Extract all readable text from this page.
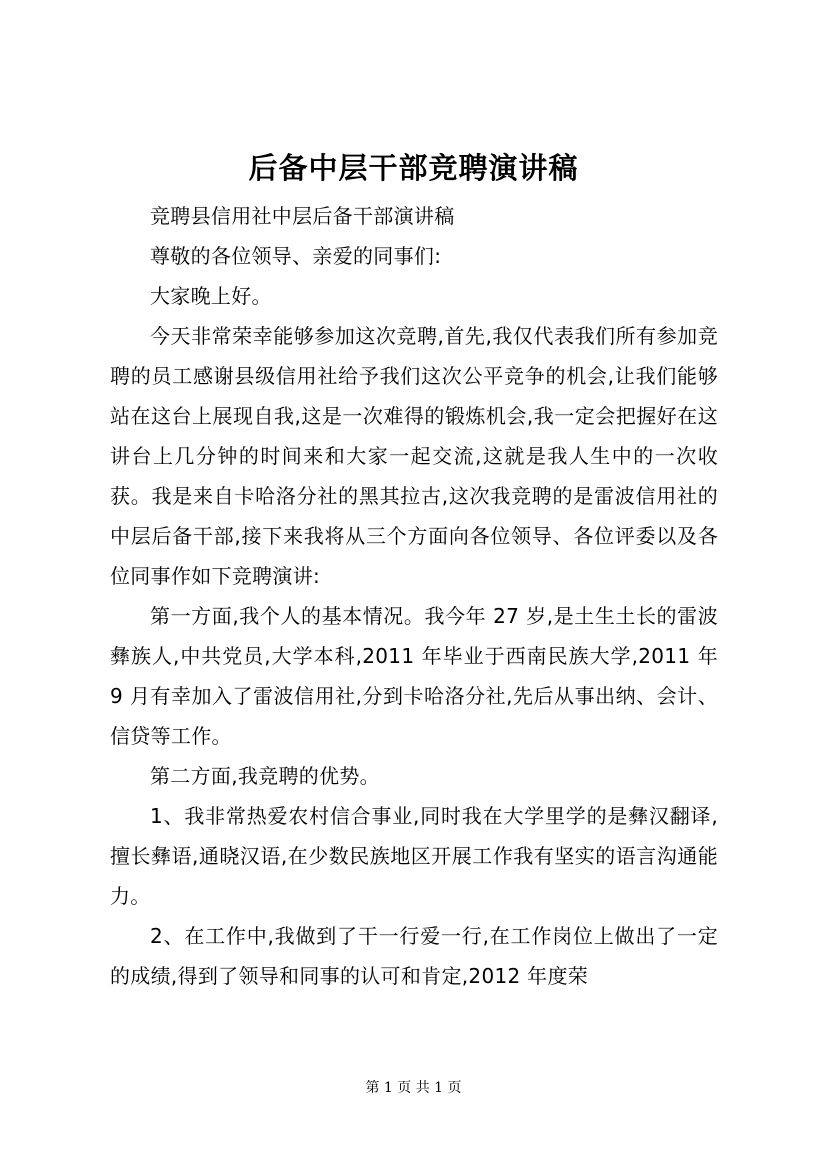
后备中层干部竞聘演讲稿

竞聘县信用社中层后备干部演讲稿

尊敬的各位领导、亲爱的同事们:

大家晚上好。

今天非常荣幸能够参加这次竞聘,首先,我仅代表我们所有参加竞聘的员工感谢县级信用社给予我们这次公平竞争的机会,让我们能够站在这台上展现自我,这是一次难得的锻炼机会,我一定会把握好在这讲台上几分钟的时间来和大家一起交流,这就是我人生中的一次收获。我是来自卡哈洛分社的黑其拉古,这次我竞聘的是雷波信用社的中层后备干部,接下来我将从三个方面向各位领导、各位评委以及各位同事作如下竞聘演讲:

第一方面,我个人的基本情况。我今年 27 岁,是土生土长的雷波彝族人,中共党员,大学本科,2011 年毕业于西南民族大学,2011 年 9 月有幸加入了雷波信用社,分到卡哈洛分社,先后从事出纳、会计、信贷等工作。

第二方面,我竞聘的优势。

1、我非常热爱农村信合事业,同时我在大学里学的是彝汉翻译,擅长彝语,通晓汉语,在少数民族地区开展工作我有坚实的语言沟通能力。

2、在工作中,我做到了干一行爱一行,在工作岗位上做出了一定的成绩,得到了领导和同事的认可和肯定,2012 年度荣

第 1 页 共 1 页
